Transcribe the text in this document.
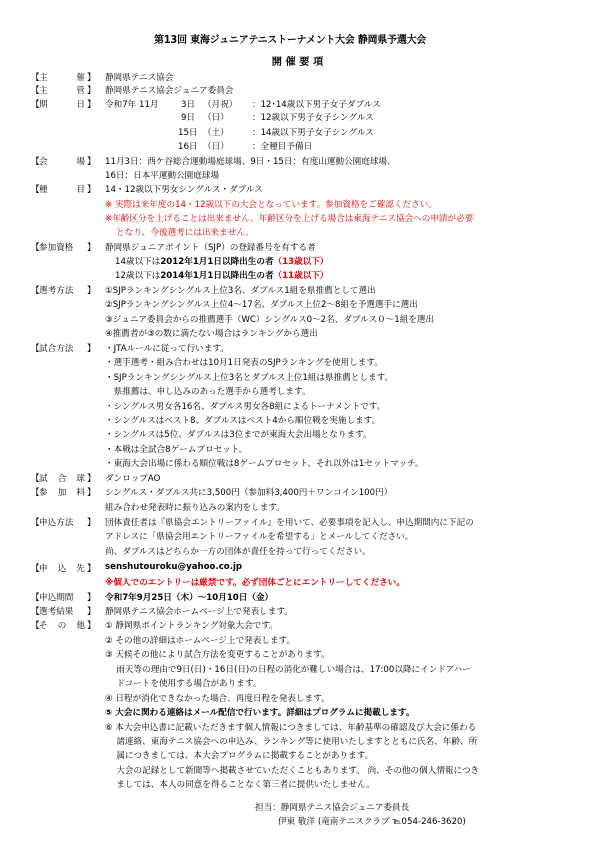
第13回 東海ジュニアテニストーナメント大会 静岡県予選大会
開 催 要 項
【 主	催 】 静岡県テニス協会
【 主	管 】 静岡県テニス協会ジュニア委員会
【 期	日 】 令和7年 11月	3日 （月祝） ：12･14歳以下男子女子ダブルス
9日 （日）	：12歳以下男子女子シングルス
15日 （土）	：14歳以下男子女子シングルス
16日 （日）	：全種目予備日
【 会	場 】 11月3日：西ケ谷総合運動場庭球場、9日・15日：有度山運動公園庭球場、
16日：日本平運動公園庭球場
【 種	目 】 14・12歳以下男女シングルス・ダブルス
※ 実際は来年度の14・12歳以下の大会となっています。参加資格をご確認ください。
※年齢区分を上げることは出来ません。年齢区分を上げる場合は東海テニス協会への申請が必要
となり、今後選考には出来ません。
【 参加資格	】 静岡県ジュニアポイント（SJP）の登録番号を有する者
14歳以下は2012年1月1日以降出生の者（13歳以下）
12歳以下は2014年1月1日以降出生の者（11歳以下）
【 選考方法	】 ①SJPランキングシングルス上位3名、ダブルス1組を県推薦として選出
②SJPランキングシングルス上位4～17名、ダブルス上位2～8組を予選選手に選出
③ジュニア委員会からの推薦選手（WC）シングルス0～2名、ダブルス０～1組を選出
④推薦者が③の数に満たない場合はランキングから選出
【 試合方法	】 ・JTAルールに従って行います。
・選手選考・組み合わせは10月1日発表のSJPランキングを使用します。
・SJPランキングシングルス上位3名とダブルス上位1組は県推薦とします。
　県推薦は、申し込みのあった選手から選考します。
・シングルス男女各16名、ダブルス男女各8組によるトーナメントです。
・シングルスはベスト8、ダブルスはベスト4から順位戦を実施します。
・シングルスは5位、ダブルスは3位までが東海大会出場となります。
・本戦は全試合8ゲームプロセット。
・東海大会出場に係わる順位戦は8ゲームプロセット、それ以外は1セットマッチ。
【 試 合 球 】 ダンロップAO
【 参 加 料 】 シングルス・ダブルス共に3,500円（参加料3,400円＋ワンコイン100円）
組み合わせ発表時に振り込みの案内をします。
【 申込方法	】 団体責任者は『県協会エントリーファイル』を用いて、必要事項を記入し、申込期間内に下記の
アドレスに「県協会用エントリーファイルを希望する」とメールしてください。
尚、ダブルスはどちらか一方の団体が責任を持って行ってください。
【 申 込 先 】 senshutouroku@yahoo.co.jp
※個人でのエントリーは厳禁です。必ず団体ごとにエントリーしてください。
【 申込期間	】 令和7年9月25日（木）～10月10日（金）
【 選考結果	】 静岡県テニス協会ホームページ上で発表します。
【 そ の 他 】 ① 静岡県ポイントランキング対象大会です。
② その他の詳細はホームページ上で発表します。
③ 天候その他により試合方法を変更することがあります。
　 雨天等の理由で9日(日)・16日(日)の日程の消化が難しい場合は、17:00以降にインドアハー
　 ドコートを使用する場合があります。
④ 日程が消化できなかった場合、再度日程を発表します。
⑤ 大会に関わる連絡はメール配信で行います。詳細はプログラムに掲載します。
⑥ 本大会申込書に記載いただきます個人情報につきましては、年齢基準の確認及び大会に係わる
　 諸連絡、東海テニス協会への申込み、ランキング等に使用いたしますとともに氏名、年齢、所
　 属につきましては、本大会プログラムに掲載することがあります。
　 大会の記録として新聞等へ掲載させていただくこともあります。 尚、その他の個人情報につき
　 ましては、本人の同意を得ることなく第三者に提供いたしません。
担当：静岡県テニス協会ジュニア委員長
伊東 敬洋 (竜南テニスクラブ ℡054-246-3620)
